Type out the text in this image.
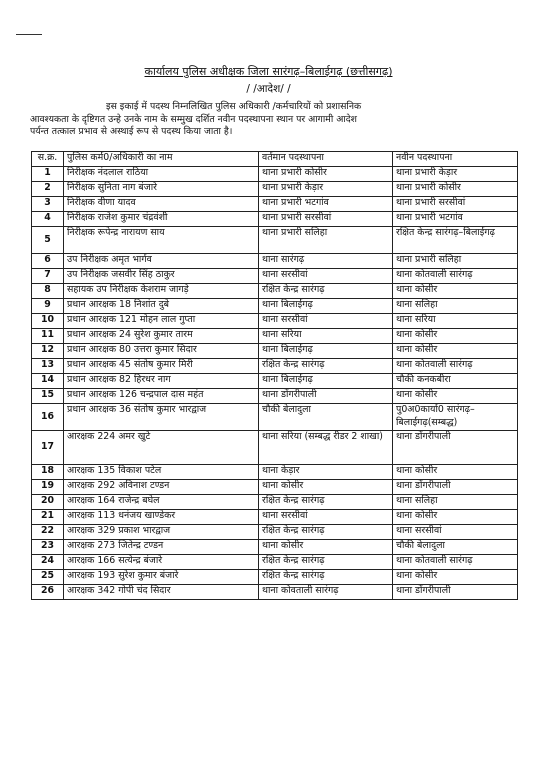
कार्यालय पुलिस अधीक्षक जिला सारंगढ़–बिलाईगढ़ (छत्तीसगढ़)
/ /आदेश/ /

इस इकाई में पदस्थ निम्नलिखित पुलिस अधिकारी /कर्मचारियों को प्रशासनिक

आवश्यकता के दृष्टिगत उन्हे उनके नाम के सम्मुख दर्शित नवीन पदस्थापना स्थान पर आगामी आदेश

पर्यन्त तत्काल प्रभाव से अस्थाई रूप से पदस्थ किया जाता है।

स.क्र.	पुलिस कर्म0/अधिकारी का नाम	वर्तमान पदस्थापना	नवीन पदस्थापना
1	निरीक्षक नंदलाल राठिया	थाना प्रभारी कोसीर	थाना प्रभारी केड़ार
2	निरीक्षक सुनिता नाग बंजारे	थाना प्रभारी केड़ार	थाना प्रभारी कोसीर
3	निरीक्षक वीणा यादव	थाना प्रभारी भटगांव	थाना प्रभारी सरसीवां
4	निरीक्षक राजेश कुमार चंद्रवंशी	थाना प्रभारी सरसीवां	थाना प्रभारी भटगांव
5	निरीक्षक रूपेन्द्र नारायण साय	थाना प्रभारी सलिहा	रक्षित केन्द्र सारंगढ़–बिलाईगढ़
6	उप निरीक्षक अमृत भार्गव	थाना सारंगढ़	थाना प्रभारी सलिहा
7	उप निरीक्षक जसवीर सिंह ठाकुर	थाना सरसीवां	थाना कोतवाली सारंगढ़
8	सहायक उप निरीक्षक केशराम जागड़े	रक्षित केन्द्र सारंगढ़	थाना कोसीर
9	प्रधान आरक्षक 18 निशांत दुबे	थाना बिलाईगढ़	थाना सलिहा
10	प्रधान आरक्षक 121 मोहन लाल गुप्ता	थाना सरसीवां	थाना सरिया
11	प्रधान आरक्षक 24 सुरेश कुमार तारम	थाना सरिया	थाना कोसीर
12	प्रधान आरक्षक 80 उत्तरा कुमार सिदार	थाना बिलाईगढ़	थाना कोसीर
13	प्रधान आरक्षक 45 संतोष कुमार मिरी	रक्षित केन्द्र सारंगढ़	थाना कोतवाली सारंगढ़
14	प्रधान आरक्षक 82 हिरधर नाग	थाना बिलाईगढ़	चौकी कनकबीरा
15	प्रधान आरक्षक 126 चन्द्रपाल दास महंत	थाना डोंगरीपाली	थाना कोसीर
16	प्रधान आरक्षक 36 संतोष कुमार भारद्वाज	चौकी बेलादुला	पु0अ0कार्या0 सारंगढ़–बिलाईगढ़(सम्बद्ध)
17	आरक्षक 224 अमर खुटे	थाना सरिया (सम्बद्ध रीडर 2 शाखा)	थाना डोंगरीपाली
18	आरक्षक 135 विकाश पटेल	थाना केड़ार	थाना कोसीर
19	आरक्षक 292 अविनाश टण्डन	थाना कोसीर	थाना डोंगरीपाली
20	आरक्षक 164 राजेन्द्र बघेल	रक्षित केन्द्र सारंगढ़	थाना सलिहा
21	आरक्षक 113 धनंजय खाण्डेकर	थाना सरसीवां	थाना कोसीर
22	आरक्षक 329 प्रकाश भारद्वाज	रक्षित केन्द्र सारंगढ़	थाना सरसीवां
23	आरक्षक 273 जितेन्द्र टण्डन	थाना कोसीर	चौकी बेलादुला
24	आरक्षक 166 सत्येन्द्र बंजारे	रक्षित केन्द्र सारंगढ़	थाना कोतवाली सारंगढ़
25	आरक्षक 193 सुरेश कुमार बंजारे	रक्षित केन्द्र सारंगढ़	थाना कोसीर
26	आरक्षक 342 गोपी चंद सिदार	थाना कोवताली सारंगढ़	थाना डोंगरीपाली
